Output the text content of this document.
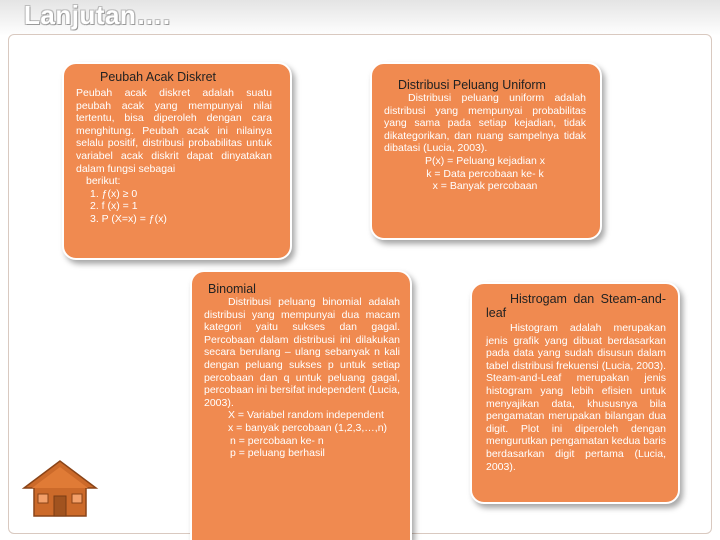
Lanjutan….

Peubah Acak Diskret

Peubah acak diskret adalah suatu peubah acak yang mempunyai nilai tertentu, bisa diperoleh dengan cara menghitung. Peubah acak ini nilainya selalu positif, distribusi probabilitas untuk variabel acak diskrit dapat dinyatakan dalam fungsi sebagai

berikut:

1. ƒ(x) ≥ 0

2. f (x) = 1

3. P (X=x) = ƒ(x)

Distribusi Peluang Uniform

Distribusi peluang uniform adalah distribusi yang mempunyai probabilitas yang sama pada setiap kejadian, tidak dikategorikan, dan ruang sampelnya tidak dibatasi (Lucia, 2003).

P(x) = Peluang kejadian x

k = Data percobaan ke- k

x = Banyak percobaan

Binomial

Distribusi peluang binomial adalah distribusi yang mempunyai dua macam kategori yaitu sukses dan gagal. Percobaan dalam distribusi ini dilakukan secara berulang – ulang sebanyak n kali dengan peluang sukses p untuk setiap percobaan dan q untuk peluang gagal, percobaan ini bersifat independent (Lucia, 2003).

X = Variabel random independent

x = banyak percobaan (1,2,3,…,n)

n = percobaan ke- n

p = peluang berhasil

Histrogam dan Steam-and-leaf

Histogram adalah merupakan jenis grafik yang dibuat berdasarkan pada data yang sudah disusun dalam tabel distribusi frekuensi (Lucia, 2003). Steam-and-Leaf merupakan jenis histogram yang lebih efisien untuk menyajikan data, khususnya bila pengamatan merupakan bilangan dua digit. Plot ini diperoleh dengan mengurutkan pengamatan kedua baris berdasarkan digit pertama (Lucia, 2003).
